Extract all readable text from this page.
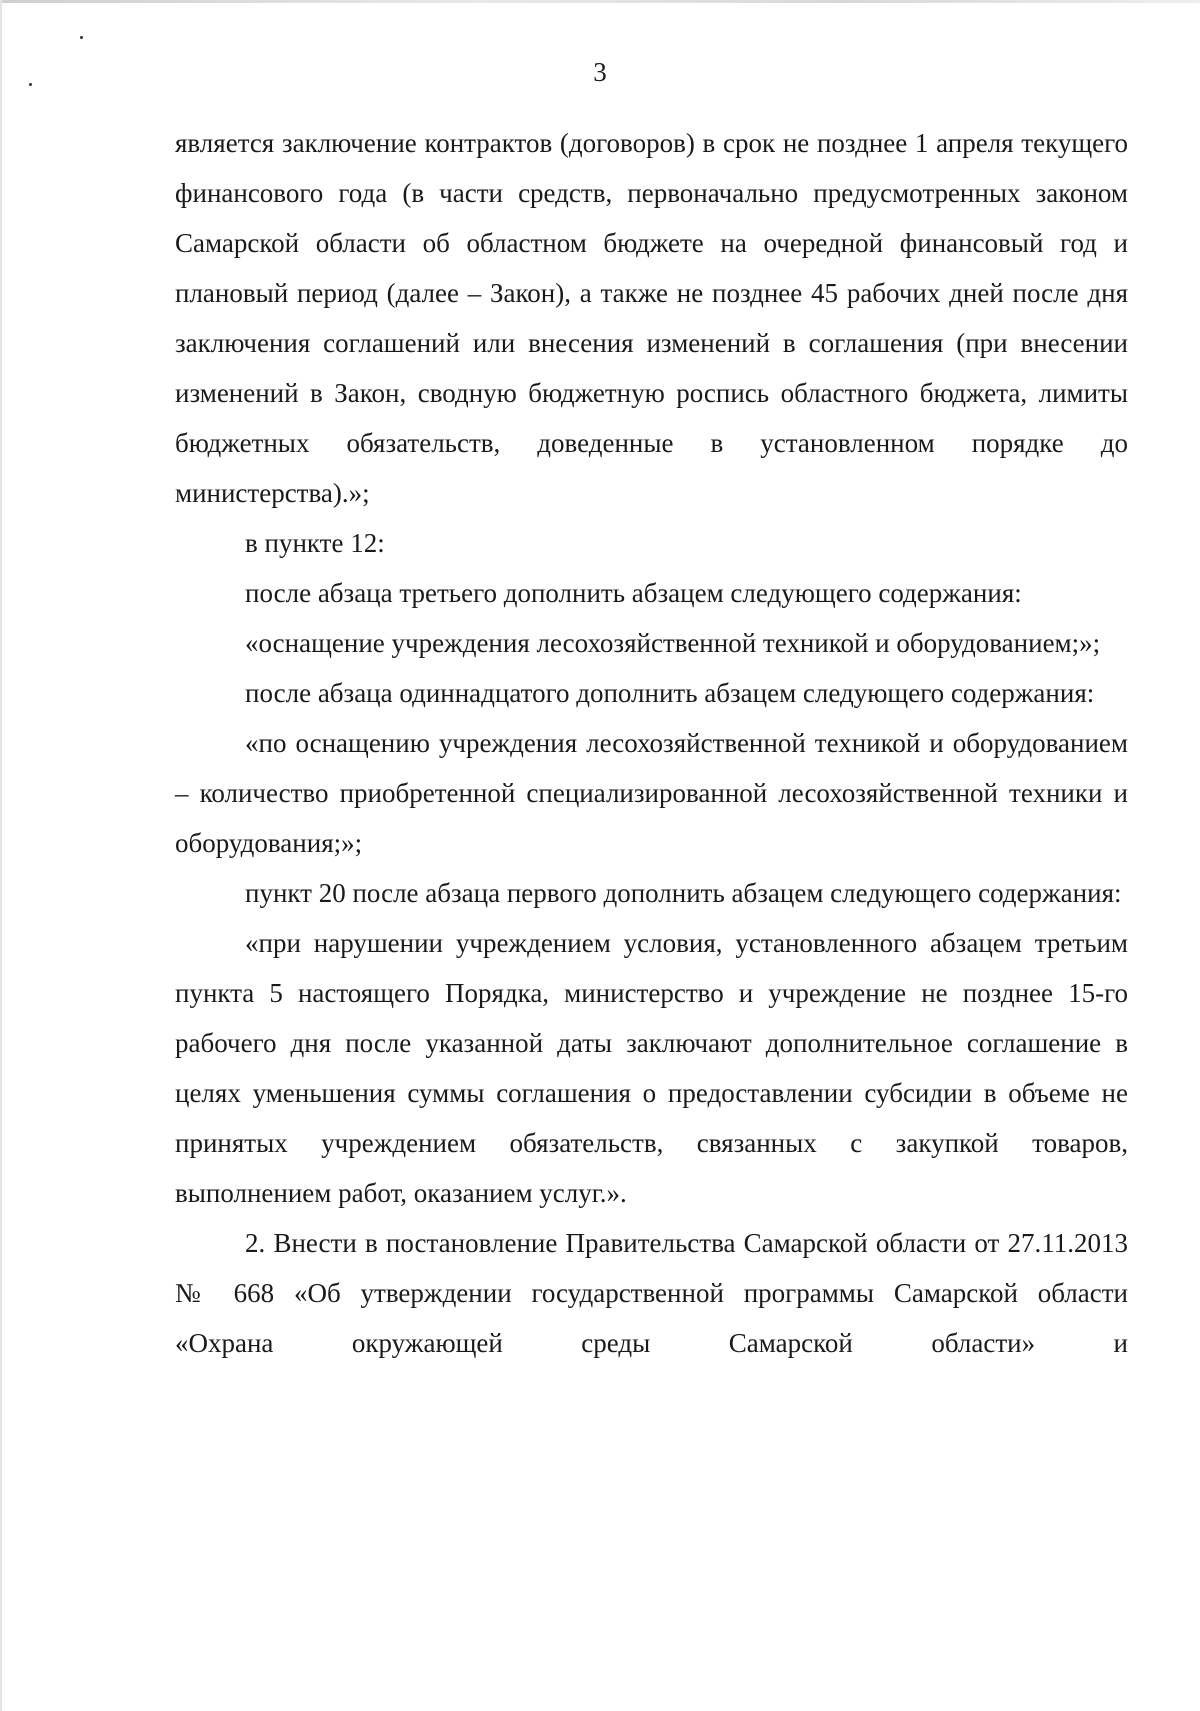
3

является заключение контрактов (договоров) в срок не позднее 1 апреля текущего финансового года (в части средств, первоначально предусмотренных законом Самарской области об областном бюджете на очередной финансовый год и плановый период (далее – Закон), а также не позднее 45 рабочих дней после дня заключения соглашений или внесения изменений в соглашения (при внесении изменений в Закон, сводную бюджетную роспись областного бюджета, лимиты бюджетных обязательств, доведенные в установленном порядке до министерства).»;

в пункте 12:

после абзаца третьего дополнить абзацем следующего содержания:

«оснащение учреждения лесохозяйственной техникой и оборудованием;»;

после абзаца одиннадцатого дополнить абзацем следующего содержания:

«по оснащению учреждения лесохозяйственной техникой и оборудованием – количество приобретенной специализированной лесохозяйственной техники и оборудования;»;

пункт 20 после абзаца первого дополнить абзацем следующего содержания:

«при нарушении учреждением условия, установленного абзацем третьим пункта 5 настоящего Порядка, министерство и учреждение не позднее 15-го рабочего дня после указанной даты заключают дополнительное соглашение в целях уменьшения суммы соглашения о предоставлении субсидии в объеме не принятых учреждением обязательств, связанных с закупкой товаров, выполнением работ, оказанием услуг.».

2. Внести в постановление Правительства Самарской области от 27.11.2013 № 668 «Об утверждении государственной программы Самарской области «Охрана окружающей среды Самарской области» и
